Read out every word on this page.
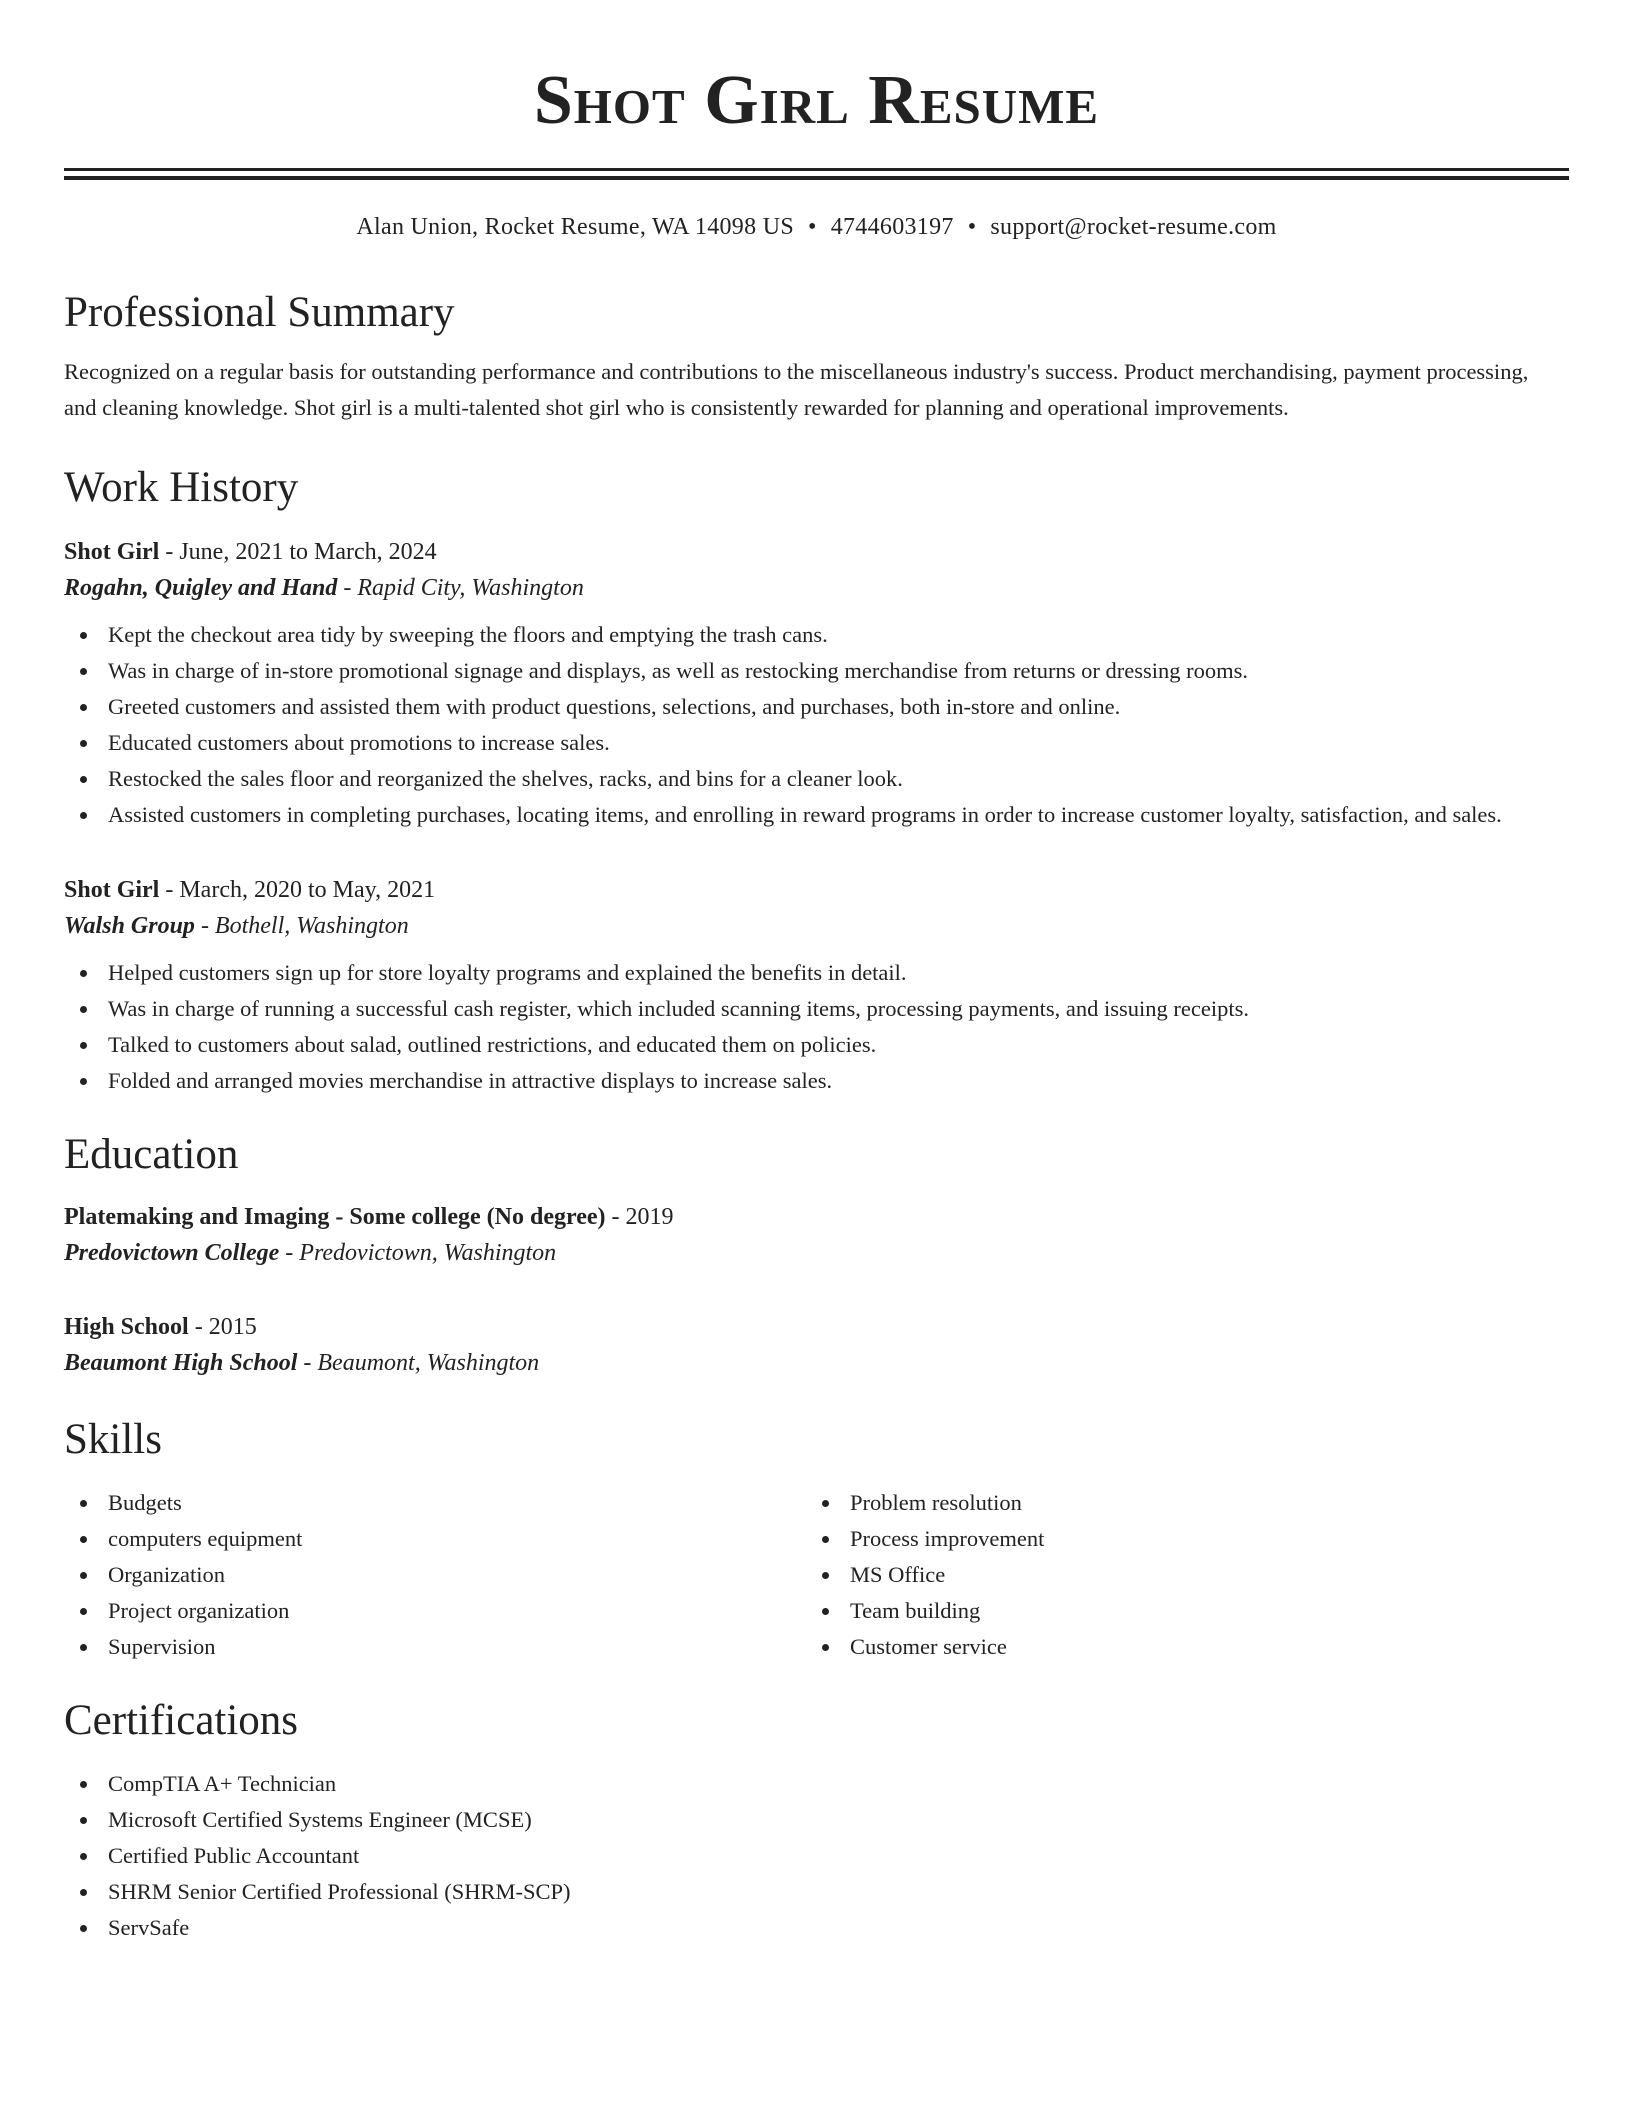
Shot Girl Resume
Alan Union, Rocket Resume, WA 14098 US • 4744603197 • support@rocket-resume.com
Professional Summary

Recognized on a regular basis for outstanding performance and contributions to the miscellaneous industry's success. Product merchandising, payment processing, and cleaning knowledge. Shot girl is a multi-talented shot girl who is consistently rewarded for planning and operational improvements.

Work History
Shot Girl - June, 2021 to March, 2024
Rogahn, Quigley and Hand - Rapid City, Washington
Kept the checkout area tidy by sweeping the floors and emptying the trash cans.
Was in charge of in-store promotional signage and displays, as well as restocking merchandise from returns or dressing rooms.
Greeted customers and assisted them with product questions, selections, and purchases, both in-store and online.
Educated customers about promotions to increase sales.
Restocked the sales floor and reorganized the shelves, racks, and bins for a cleaner look.
Assisted customers in completing purchases, locating items, and enrolling in reward programs in order to increase customer loyalty, satisfaction, and sales.
Shot Girl - March, 2020 to May, 2021
Walsh Group - Bothell, Washington
Helped customers sign up for store loyalty programs and explained the benefits in detail.
Was in charge of running a successful cash register, which included scanning items, processing payments, and issuing receipts.
Talked to customers about salad, outlined restrictions, and educated them on policies.
Folded and arranged movies merchandise in attractive displays to increase sales.
Education
Platemaking and Imaging - Some college (No degree) - 2019
Predovictown College - Predovictown, Washington
High School - 2015
Beaumont High School - Beaumont, Washington
Skills
Budgets
computers equipment
Organization
Project organization
Supervision
Problem resolution
Process improvement
MS Office
Team building
Customer service
Certifications
CompTIA A+ Technician
Microsoft Certified Systems Engineer (MCSE)
Certified Public Accountant
SHRM Senior Certified Professional (SHRM-SCP)
ServSafe
